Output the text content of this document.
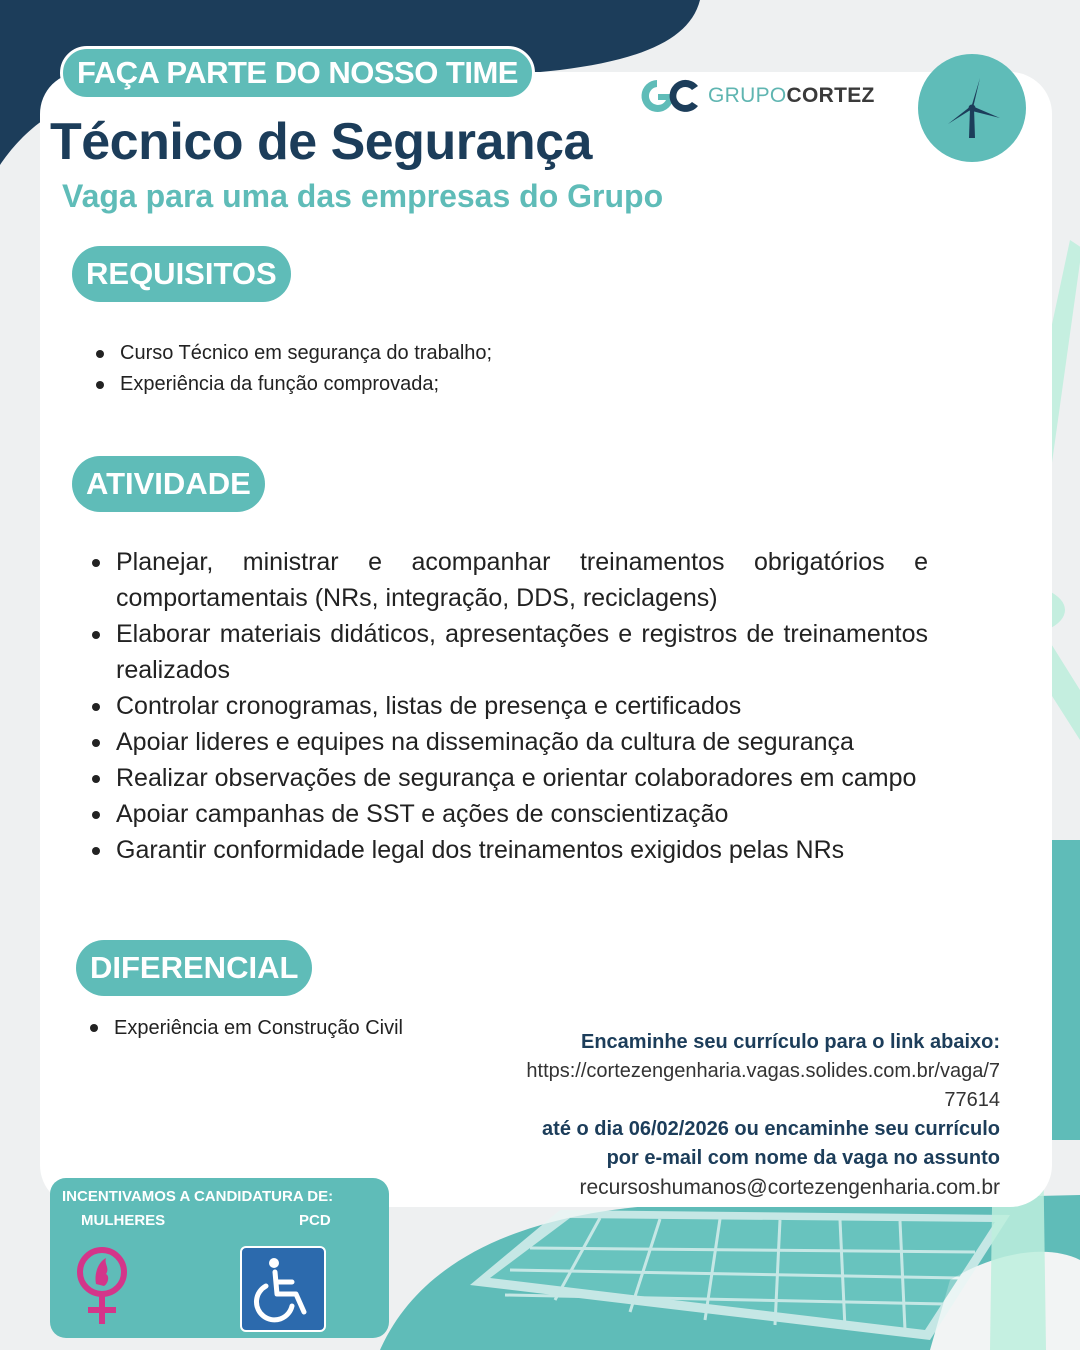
FAÇA PARTE DO NOSSO TIME
GRUPOCORTEZ
Técnico de Segurança
Vaga para uma das empresas do Grupo
REQUISITOS
Curso Técnico em segurança do trabalho;
Experiência da função comprovada;
ATIVIDADE
Planejar, ministrar e acompanhar treinamentos obrigatórios e comportamentais (NRs, integração, DDS, reciclagens)
Elaborar materiais didáticos, apresentações e registros de treinamentos realizados
Controlar cronogramas, listas de presença e certificados
Apoiar lideres e equipes na disseminação da cultura de segurança
Realizar observações de segurança e orientar colaboradores em campo
Apoiar campanhas de SST e ações de conscientização
Garantir conformidade legal dos treinamentos exigidos pelas NRs
DIFERENCIAL
Experiência em Construção Civil
Encaminhe seu currículo para o link abaixo:
https://cortezengenharia.vagas.solides.com.br/vaga/7
77614
até o dia 06/02/2026 ou encaminhe seu currículo
por e-mail com nome da vaga no assunto
recursoshumanos@cortezengenharia.com.br
INCENTIVAMOS A CANDIDATURA DE:
MULHERES	PCD
